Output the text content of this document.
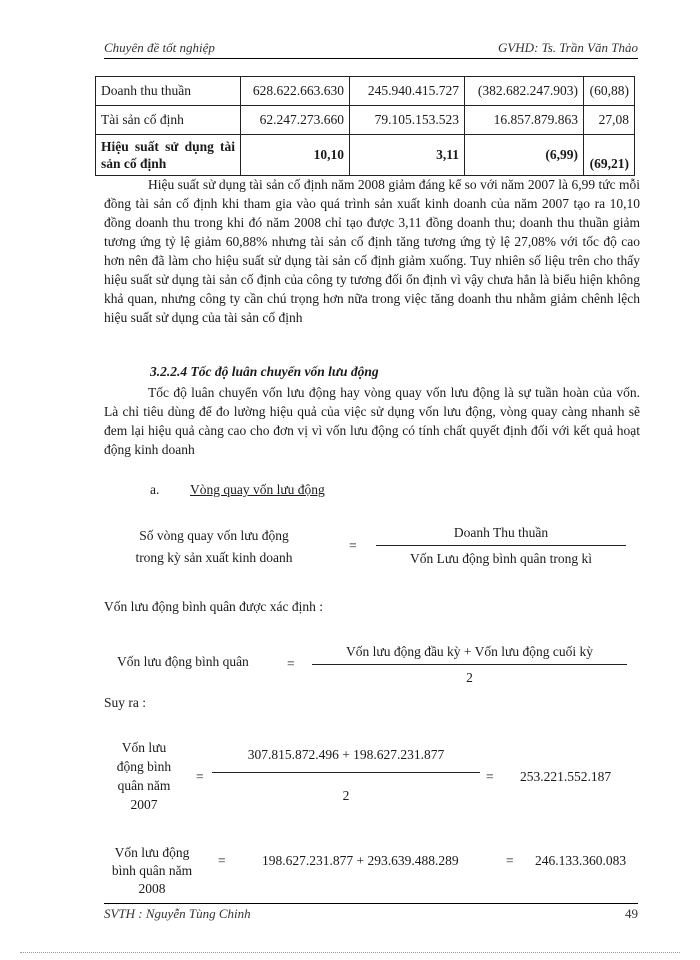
Chuyên đề tốt nghiệp	GVHD: Ts. Trần Văn Thảo
Doanh thu thuần	628.622.663.630	245.940.415.727	(382.682.247.903)	(60,88)
Tài sản cố định	62.247.273.660	79.105.153.523	16.857.879.863	27,08
Hiệu suất sử dụng tài sản cố định	10,10	3,11	(6,99)	(69,21)

Hiệu suất sử dụng tài sản cố định năm 2008 giảm đáng kể so với năm 2007 là 6,99 tức mỗi đồng tài sản cố định khi tham gia vào quá trình sản xuất kinh doanh của năm 2007 tạo ra 10,10 đồng doanh thu trong khi đó năm 2008 chỉ tạo được 3,11 đồng doanh thu; doanh thu thuần giảm tương ứng tỷ lệ giảm 60,88% nhưng tài sản cố định tăng tương ứng tỷ lệ 27,08% với tốc độ cao hơn nên đã làm cho hiệu suất sử dụng tài sản cố định giảm xuống. Tuy nhiên số liệu trên cho thấy hiệu suất sử dụng tài sản cố định của công ty tương đối ổn định vì vậy chưa hẳn là biểu hiện không khả quan, nhưng công ty cần chú trọng hơn nữa trong việc tăng doanh thu nhằm giảm chênh lệch hiệu suất sử dụng của tài sản cố định

3.2.2.4 Tốc độ luân chuyển vốn lưu động

Tốc độ luân chuyển vốn lưu động hay vòng quay vốn lưu động là sự tuần hoàn của vốn. Là chỉ tiêu dùng để đo lường hiệu quả của việc sử dụng vốn lưu động, vòng quay càng nhanh sẽ đem lại hiệu quả càng cao cho đơn vị vì vốn lưu động có tính chất quyết định đối với kết quả hoạt động kinh doanh

a. Vòng quay vốn lưu động
Số vòng quay vốn lưu động
trong kỳ sản xuất kinh doanh
=
Doanh Thu thuần
Vốn Lưu động bình quân trong kì
Vốn lưu động bình quân được xác định :
Vốn lưu động bình quân	=
Vốn lưu động đầu kỳ + Vốn lưu động cuối kỳ
2
Suy ra :
Vốn lưu
động bình
quân năm
2007
=
307.815.872.496 + 198.627.231.877
2
= 253.221.552.187
Vốn lưu động
bình quân năm
2008
=	198.627.231.877 + 293.639.488.289	= 246.133.360.083
SVTH : Nguyễn Tùng Chinh	49
